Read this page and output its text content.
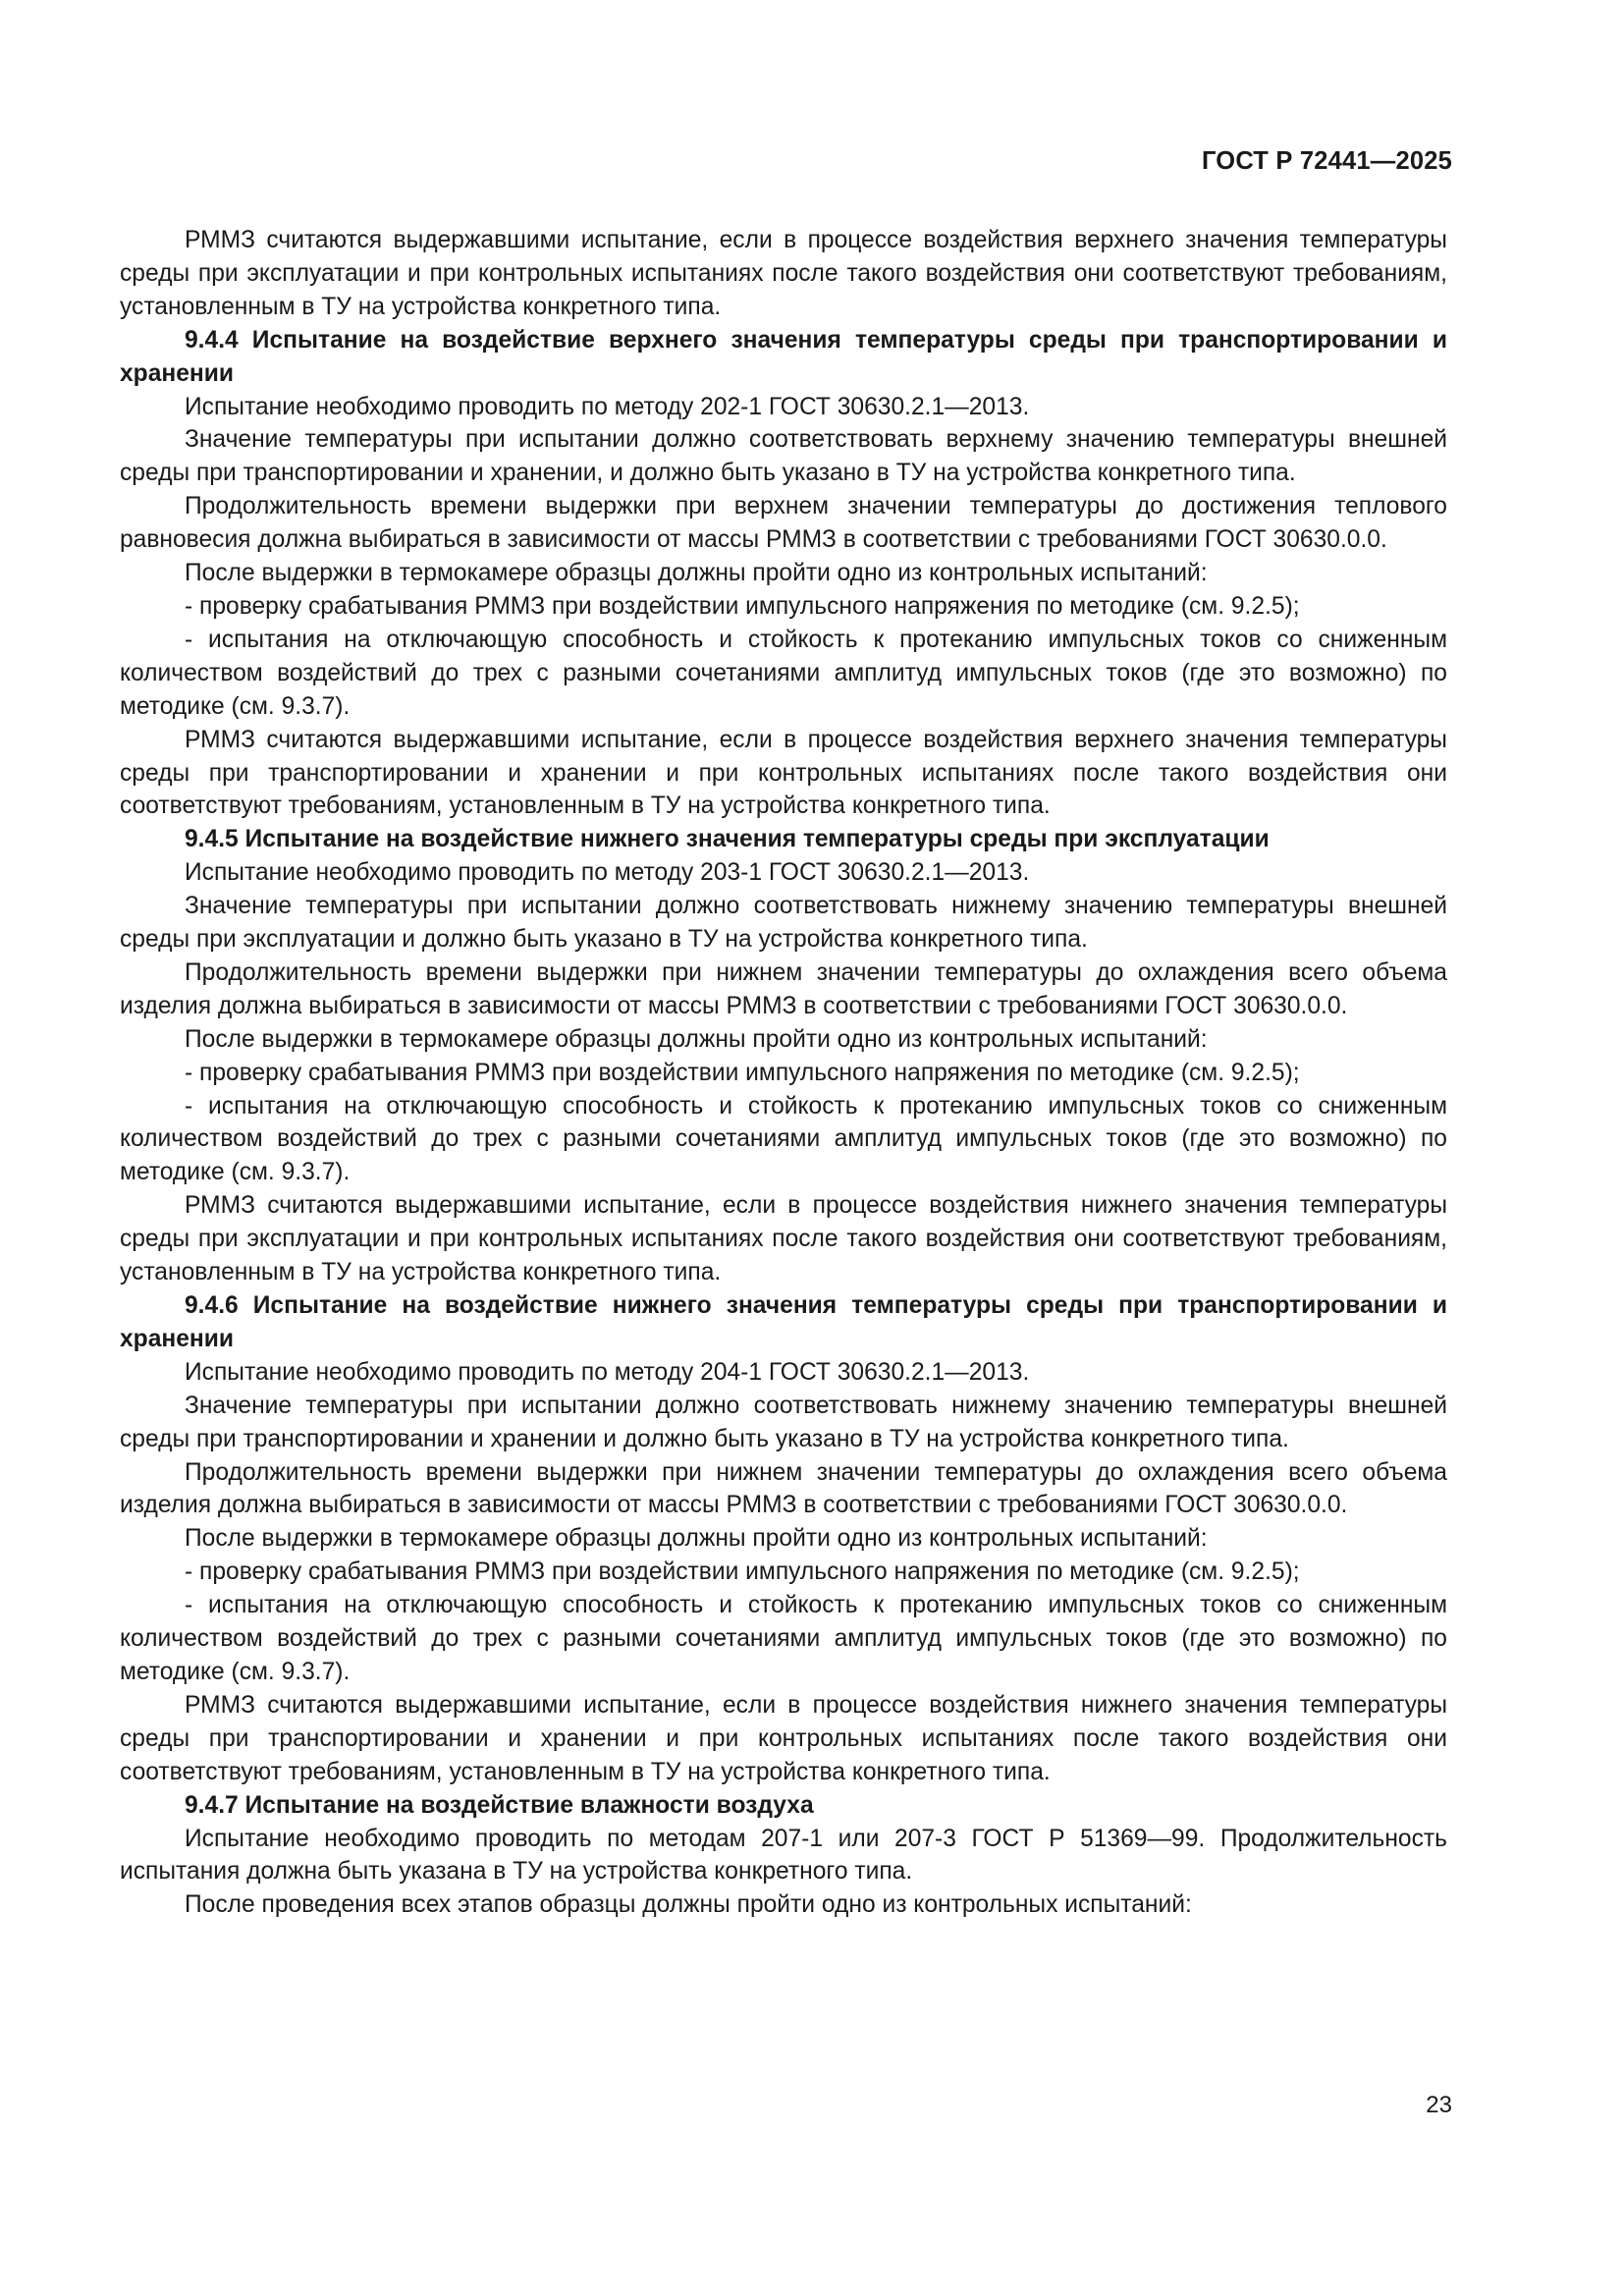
ГОСТ Р 72441—2025

РММЗ считаются выдержавшими испытание, если в процессе воздействия верхнего значения температуры среды при эксплуатации и при контрольных испытаниях после такого воздействия они соответствуют требованиям, установленным в ТУ на устройства конкретного типа.

9.4.4 Испытание на воздействие верхнего значения температуры среды при транспортировании и хранении

Испытание необходимо проводить по методу 202-1 ГОСТ 30630.2.1—2013.

Значение температуры при испытании должно соответствовать верхнему значению температуры внешней среды при транспортировании и хранении, и должно быть указано в ТУ на устройства конкретного типа.

Продолжительность времени выдержки при верхнем значении температуры до достижения теплового равновесия должна выбираться в зависимости от массы РММЗ в соответствии с требованиями ГОСТ 30630.0.0.

После выдержки в термокамере образцы должны пройти одно из контрольных испытаний:

- проверку срабатывания РММЗ при воздействии импульсного напряжения по методике (см. 9.2.5);

- испытания на отключающую способность и стойкость к протеканию импульсных токов со сниженным количеством воздействий до трех с разными сочетаниями амплитуд импульсных токов (где это возможно) по методике (см. 9.3.7).

РММЗ считаются выдержавшими испытание, если в процессе воздействия верхнего значения температуры среды при транспортировании и хранении и при контрольных испытаниях после такого воздействия они соответствуют требованиям, установленным в ТУ на устройства конкретного типа.

9.4.5 Испытание на воздействие нижнего значения температуры среды при эксплуатации

Испытание необходимо проводить по методу 203-1 ГОСТ 30630.2.1—2013.

Значение температуры при испытании должно соответствовать нижнему значению температуры внешней среды при эксплуатации и должно быть указано в ТУ на устройства конкретного типа.

Продолжительность времени выдержки при нижнем значении температуры до охлаждения всего объема изделия должна выбираться в зависимости от массы РММЗ в соответствии с требованиями ГОСТ 30630.0.0.

После выдержки в термокамере образцы должны пройти одно из контрольных испытаний:

- проверку срабатывания РММЗ при воздействии импульсного напряжения по методике (см. 9.2.5);

- испытания на отключающую способность и стойкость к протеканию импульсных токов со сниженным количеством воздействий до трех с разными сочетаниями амплитуд импульсных токов (где это возможно) по методике (см. 9.3.7).

РММЗ считаются выдержавшими испытание, если в процессе воздействия нижнего значения температуры среды при эксплуатации и при контрольных испытаниях после такого воздействия они соответствуют требованиям, установленным в ТУ на устройства конкретного типа.

9.4.6 Испытание на воздействие нижнего значения температуры среды при транспортировании и хранении

Испытание необходимо проводить по методу 204-1 ГОСТ 30630.2.1—2013.

Значение температуры при испытании должно соответствовать нижнему значению температуры внешней среды при транспортировании и хранении и должно быть указано в ТУ на устройства конкретного типа.

Продолжительность времени выдержки при нижнем значении температуры до охлаждения всего объема изделия должна выбираться в зависимости от массы РММЗ в соответствии с требованиями ГОСТ 30630.0.0.

После выдержки в термокамере образцы должны пройти одно из контрольных испытаний:

- проверку срабатывания РММЗ при воздействии импульсного напряжения по методике (см. 9.2.5);

- испытания на отключающую способность и стойкость к протеканию импульсных токов со сниженным количеством воздействий до трех с разными сочетаниями амплитуд импульсных токов (где это возможно) по методике (см. 9.3.7).

РММЗ считаются выдержавшими испытание, если в процессе воздействия нижнего значения температуры среды при транспортировании и хранении и при контрольных испытаниях после такого воздействия они соответствуют требованиям, установленным в ТУ на устройства конкретного типа.

9.4.7 Испытание на воздействие влажности воздуха

Испытание необходимо проводить по методам 207-1 или 207-3 ГОСТ Р 51369—99. Продолжительность испытания должна быть указана в ТУ на устройства конкретного типа.

После проведения всех этапов образцы должны пройти одно из контрольных испытаний:

23
